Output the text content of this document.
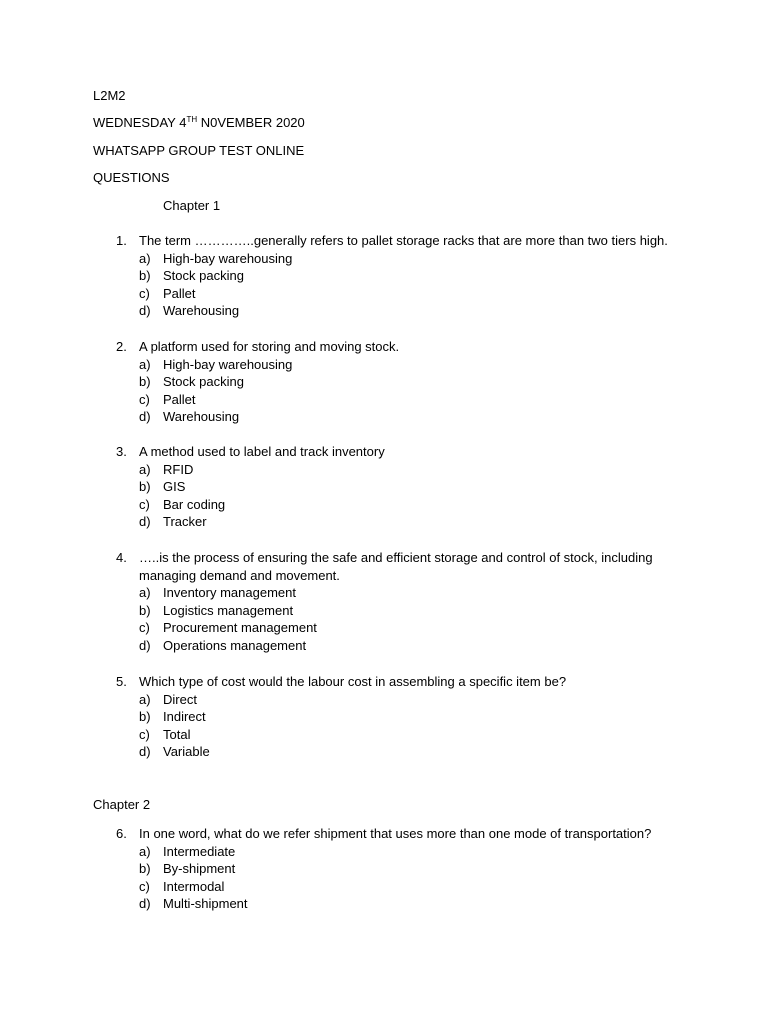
L2M2
WEDNESDAY 4TH N0VEMBER 2020
WHATSAPP GROUP TEST ONLINE
QUESTIONS
Chapter 1
1. The term …………..generally refers to pallet storage racks that are more than two tiers high.
a) High-bay warehousing
b) Stock packing
c) Pallet
d) Warehousing
2. A platform used for storing and moving stock.
a) High-bay warehousing
b) Stock packing
c) Pallet
d) Warehousing
3. A method used to label and track inventory
a) RFID
b) GIS
c) Bar coding
d) Tracker
4. …..is the process of ensuring the safe and efficient storage and control of stock, including
managing demand and movement.
a) Inventory management
b) Logistics management
c) Procurement management
d) Operations management
5. Which type of cost would the labour cost in assembling a specific item be?
a) Direct
b) Indirect
c) Total
d) Variable
Chapter 2
6. In one word, what do we refer shipment that uses more than one mode of transportation?
a) Intermediate
b) By-shipment
c) Intermodal
d) Multi-shipment
